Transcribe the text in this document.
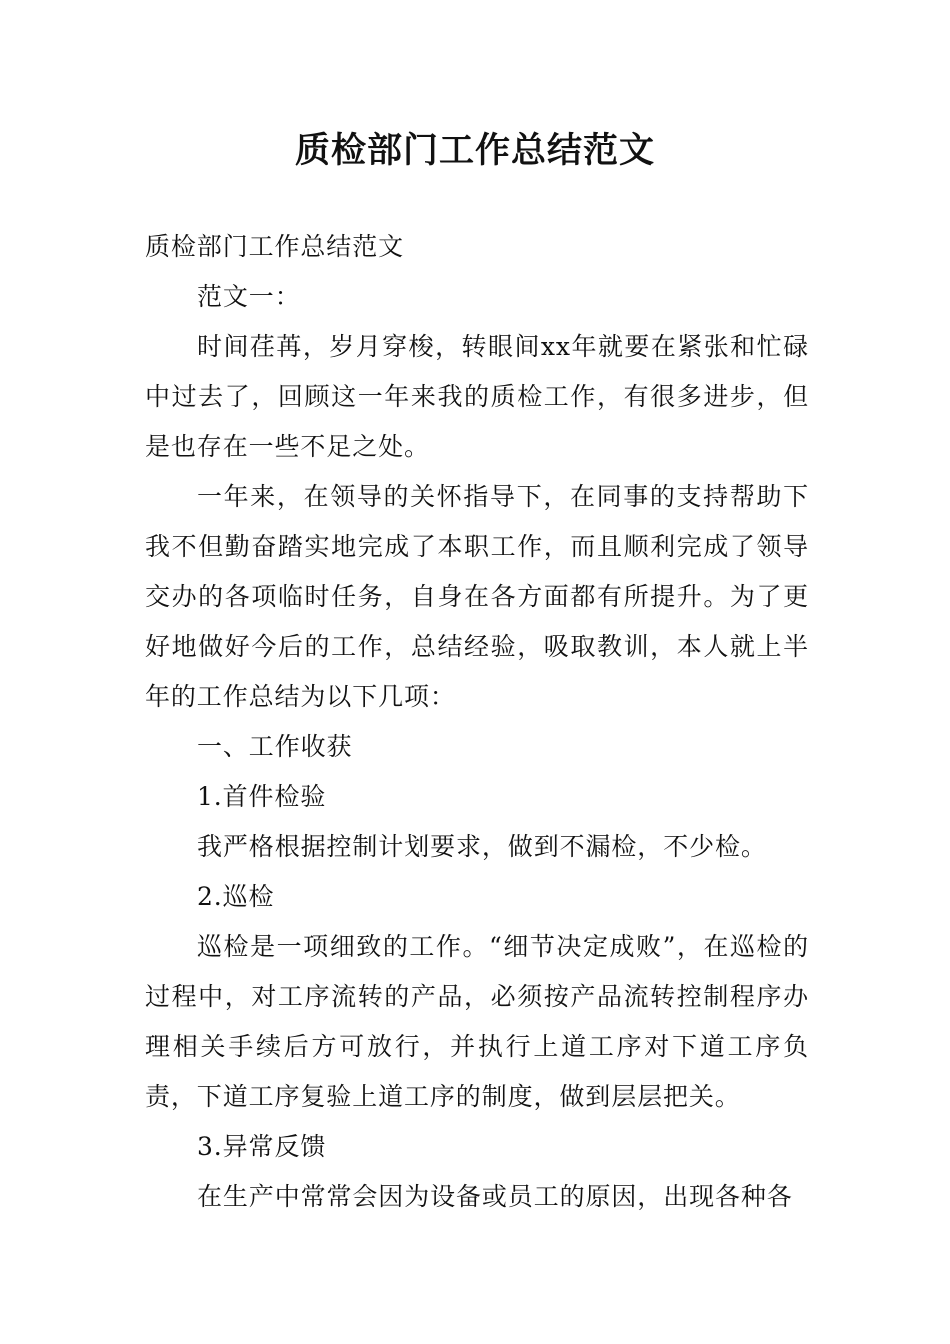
质检部门工作总结范文

质检部门工作总结范文

范文一：

时间荏苒，岁月穿梭，转眼间xx年就要在紧张和忙碌中过去了，回顾这一年来我的质检工作，有很多进步，但是也存在一些不足之处。

一年来，在领导的关怀指导下，在同事的支持帮助下我不但勤奋踏实地完成了本职工作，而且顺利完成了领导交办的各项临时任务，自身在各方面都有所提升。为了更好地做好今后的工作，总结经验，吸取教训，本人就上半年的工作总结为以下几项：

一、工作收获

1.首件检验

我严格根据控制计划要求，做到不漏检，不少检。

2.巡检

巡检是一项细致的工作。“细节决定成败”，在巡检的过程中，对工序流转的产品，必须按产品流转控制程序办理相关手续后方可放行，并执行上道工序对下道工序负责，下道工序复验上道工序的制度，做到层层把关。

3.异常反馈

在生产中常常会因为设备或员工的原因，出现各种各
